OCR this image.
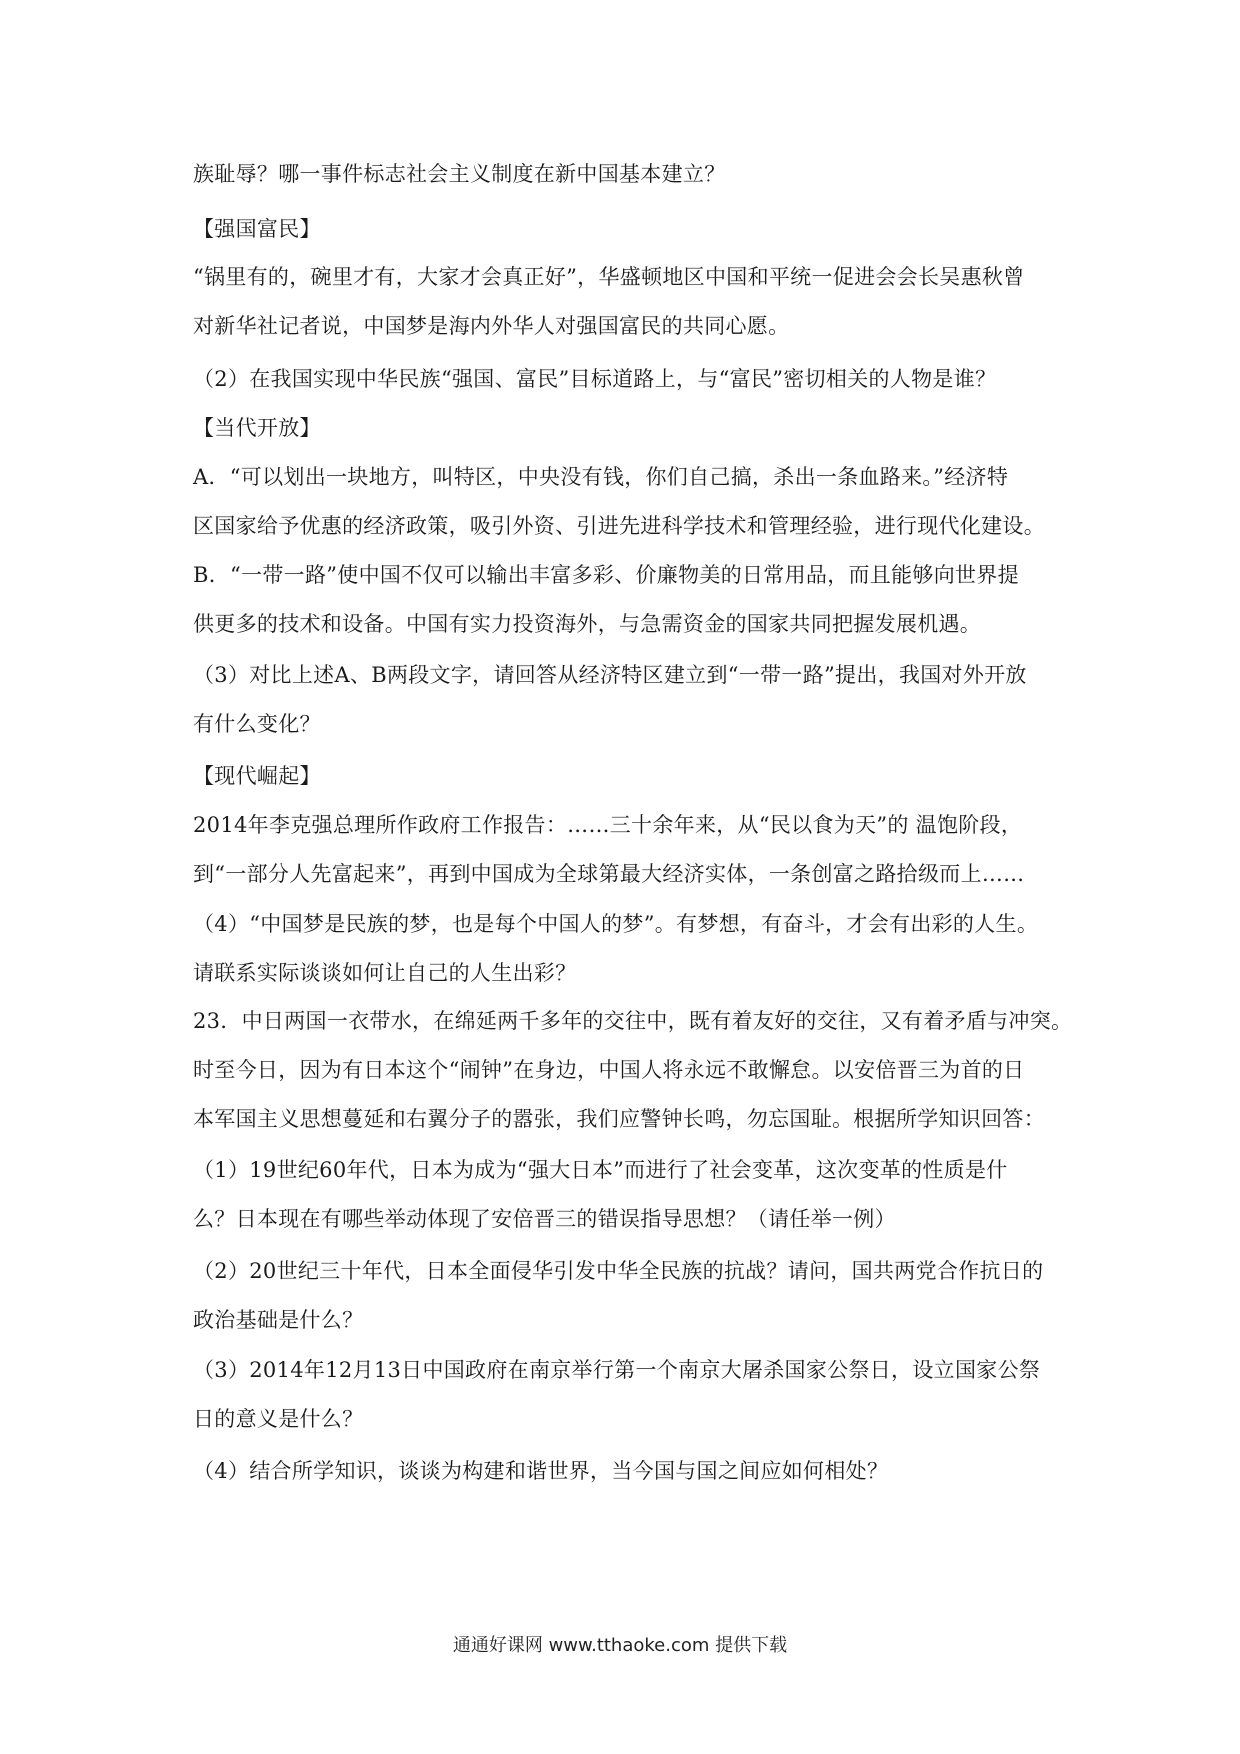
族耻辱？哪一事件标志社会主义制度在新中国基本建立？
【强国富民】
“锅里有的，碗里才有，大家才会真正好”，华盛顿地区中国和平统一促进会会长吴惠秋曾
对新华社记者说，中国梦是海内外华人对强国富民的共同心愿。
（2）在我国实现中华民族“强国、富民”目标道路上，与“富民”密切相关的人物是谁？
【当代开放】
A．“可以划出一块地方，叫特区，中央没有钱，你们自己搞，杀出一条血路来。”经济特
区国家给予优惠的经济政策，吸引外资、引进先进科学技术和管理经验，进行现代化建设。
B．“一带一路”使中国不仅可以输出丰富多彩、价廉物美的日常用品，而且能够向世界提
供更多的技术和设备。中国有实力投资海外，与急需资金的国家共同把握发展机遇。
（3）对比上述A、B两段文字，请回答从经济特区建立到“一带一路”提出，我国对外开放
有什么变化？
【现代崛起】
2014年李克强总理所作政府工作报告：……三十余年来，从“民以食为天”的 温饱阶段，
到“一部分人先富起来”，再到中国成为全球第最大经济实体，一条创富之路拾级而上……
（4）“中国梦是民族的梦，也是每个中国人的梦”。有梦想，有奋斗，才会有出彩的人生。
请联系实际谈谈如何让自己的人生出彩？
23．中日两国一衣带水，在绵延两千多年的交往中，既有着友好的交往，又有着矛盾与冲突。
时至今日，因为有日本这个“闹钟”在身边，中国人将永远不敢懈怠。以安倍晋三为首的日
本军国主义思想蔓延和右翼分子的嚣张，我们应警钟长鸣，勿忘国耻。根据所学知识回答：
（1）19世纪60年代，日本为成为“强大日本”而进行了社会变革，这次变革的性质是什
么？日本现在有哪些举动体现了安倍晋三的错误指导思想？（请任举一例）
（2）20世纪三十年代，日本全面侵华引发中华全民族的抗战？请问，国共两党合作抗日的
政治基础是什么？
（3）2014年12月13日中国政府在南京举行第一个南京大屠杀国家公祭日，设立国家公祭
日的意义是什么？
（4）结合所学知识，谈谈为构建和谐世界，当今国与国之间应如何相处？
通通好课网 www.tthaoke.com 提供下载
